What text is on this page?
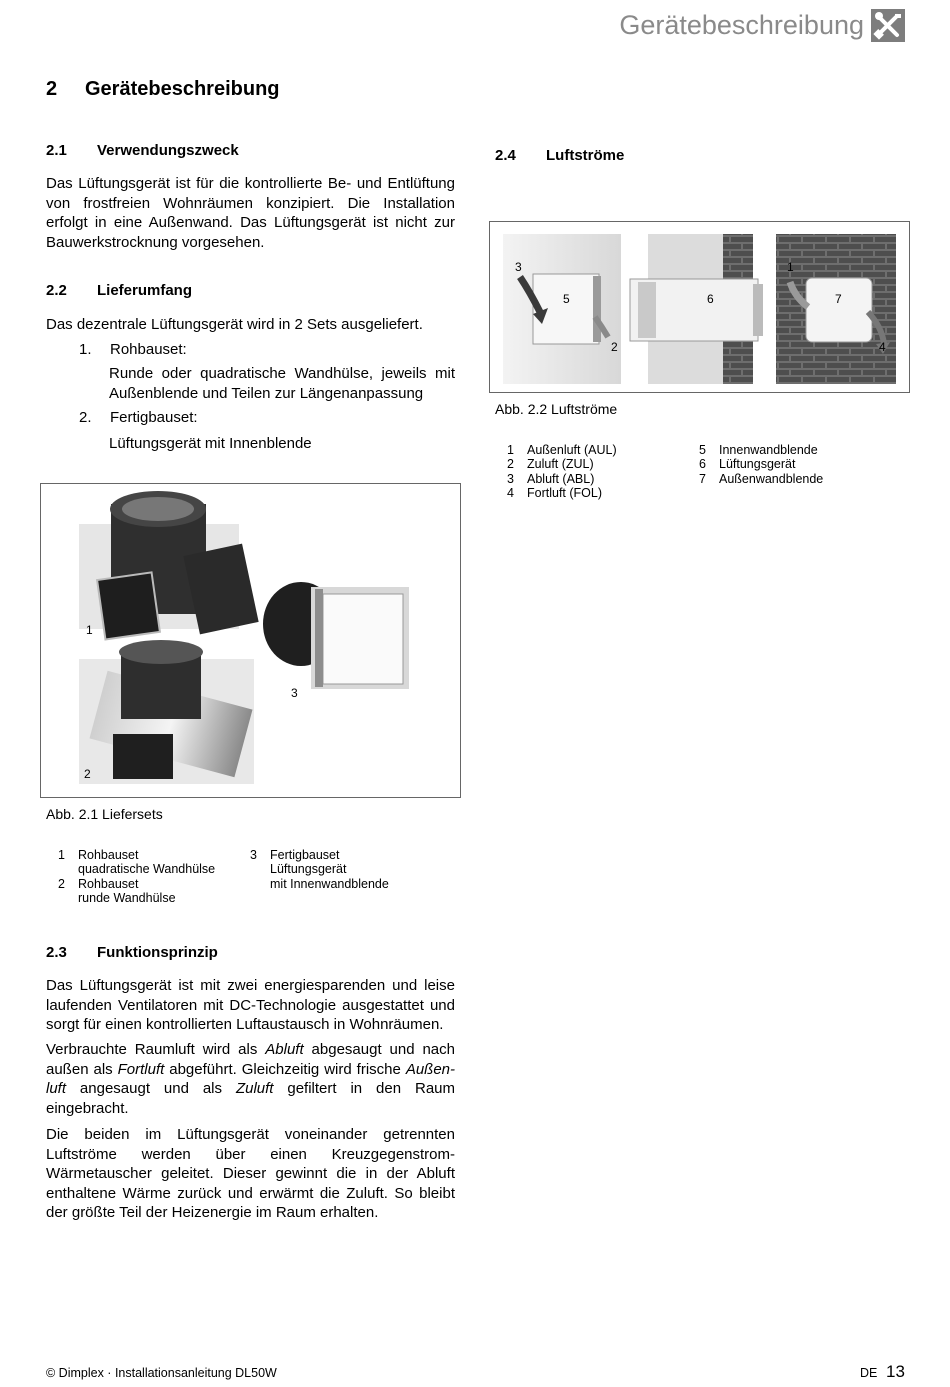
Gerätebeschreibung
2 Gerätebeschreibung
2.1 Verwendungszweck
Das Lüftungsgerät ist für die kontrollierte Be- und Entlüftung von frostfreien Wohnräumen konzipiert. Die Installation erfolgt in eine Außenwand. Das Lüftungsgerät ist nicht zur Bauwerkstrocknung vorgesehen.
2.2 Lieferumfang
Das dezentrale Lüftungsgerät wird in 2 Sets ausgeliefert.
1. Rohbauset:
Runde oder quadratische Wandhülse, jeweils mit Außenblende und Teilen zur Längenanpassung
2. Fertigbauset:
Lüftungsgerät mit Innenblende
1
3
2
Abb. 2.1 Liefersets
1 Rohbauset
quadratische Wandhülse
2 Rohbauset
runde Wandhülse
3 Fertigbauset
Lüftungsgerät
mit Innenwandblende
2.3 Funktionsprinzip
Das Lüftungsgerät ist mit zwei energiesparenden und leise laufenden Ventilatoren mit DC-Technologie ausgestattet und sorgt für einen kontrollierten Luftaustausch in Wohnräumen.
Verbrauchte Raumluft wird als Abluft abgesaugt und nach außen als Fortluft abgeführt. Gleichzeitig wird frische Außen-luft angesaugt und als Zuluft gefiltert in den Raum eingebracht.
Die beiden im Lüftungsgerät voneinander getrennten Luftströme werden über einen Kreuzgegenstrom-Wärmetauscher geleitet. Dieser gewinnt die in der Abluft enthaltene Wärme zurück und erwärmt die Zuluft. So bleibt der größte Teil der Heizenergie im Raum erhalten.
2.4 Luftströme
3
5
2
6
1
7
4
Abb. 2.2 Luftströme
1 Außenluft (AUL)
2 Zuluft (ZUL)
3 Abluft (ABL)
4 Fortluft (FOL)
5 Innenwandblende
6 Lüftungsgerät
7 Außenwandblende
© Dimplex · Installationsanleitung DL50W	DE 13
